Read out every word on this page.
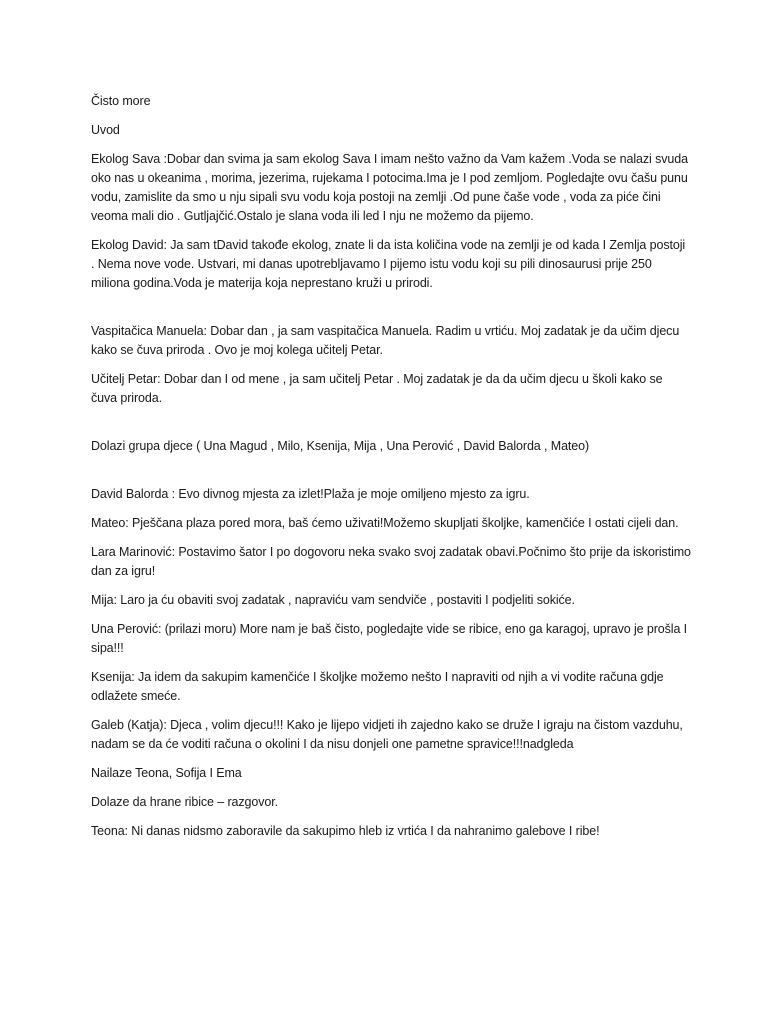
Čisto more

Uvod

Ekolog Sava :Dobar dan svima ja sam ekolog Sava I imam nešto važno da Vam kažem .Voda se nalazi svuda oko nas u okeanima , morima, jezerima, rujekama I potocima.Ima je I pod zemljom. Pogledajte ovu čašu punu vodu, zamislite da smo u nju sipali svu vodu koja postoji na zemlji .Od pune čaše vode , voda za piće čini veoma mali dio . Gutljajčić.Ostalo je slana voda ili led I nju ne možemo da pijemo.

Ekolog David: Ja sam tDavid takođe ekolog, znate li da ista količina vode na zemlji je od kada I Zemlja postoji . Nema nove vode. Ustvari, mi danas upotrebljavamo I pijemo istu vodu koji su pili dinosaurusi prije 250 miliona godina.Voda je materija koja neprestano kruži u prirodi.

Vaspitačica Manuela: Dobar dan , ja sam vaspitačica Manuela. Radim u vrtiću. Moj zadatak je da učim djecu kako se čuva priroda . Ovo je moj kolega učitelj Petar.

Učitelj Petar: Dobar dan I od mene , ja sam učitelj Petar . Moj zadatak je da da učim djecu u školi kako se čuva priroda.

Dolazi grupa djece ( Una Magud , Milo, Ksenija, Mija , Una Perović , David Balorda , Mateo)

David Balorda : Evo divnog mjesta za izlet!Plaža je moje omiljeno mjesto za igru.

Mateo: Pješčana plaza pored mora, baš ćemo uživati!Možemo skupljati školjke, kamenčiće I ostati cijeli dan.

Lara Marinović: Postavimo šator I po dogovoru neka svako svoj zadatak obavi.Počnimo što prije da iskoristimo dan za igru!

Mija: Laro ja ću obaviti svoj zadatak , napraviću vam sendviče , postaviti I podjeliti sokiće.

Una Perović: (prilazi moru) More nam je baš čisto, pogledajte vide se ribice, eno ga karagoj, upravo je prošla I sipa!!!

Ksenija: Ja idem da sakupim kamenčiće I školjke možemo nešto I napraviti od njih a vi vodite računa gdje odlažete smeće.

Galeb (Katja): Djeca , volim djecu!!! Kako je lijepo vidjeti ih zajedno kako se druže I igraju na čistom vazduhu, nadam se da će voditi računa o okolini I da nisu donjeli one pametne spravice!!!nadgleda

Nailaze Teona, Sofija I Ema

Dolaze da hrane ribice – razgovor.

Teona: Ni danas nidsmo zaboravile da sakupimo hleb iz vrtića I da nahranimo galebove I ribe!
